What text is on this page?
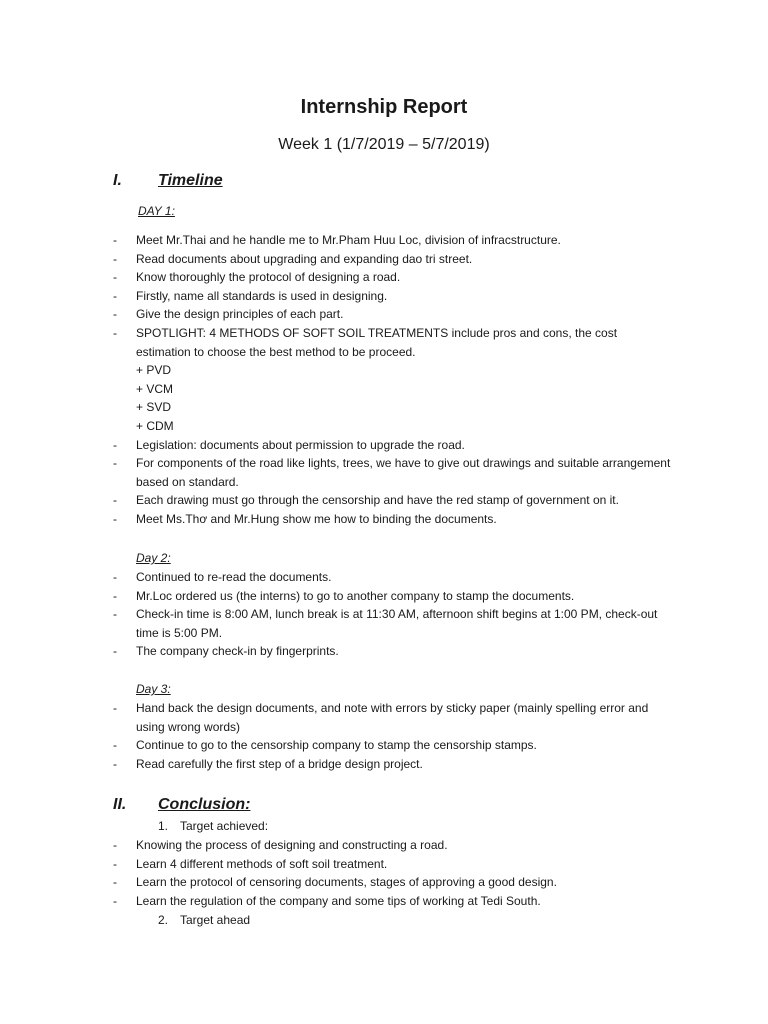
Internship Report
Week 1 (1/7/2019 – 5/7/2019)
I. Timeline
DAY 1:
- Meet Mr.Thai and he handle me to Mr.Pham Huu Loc, division of infracstructure.
- Read documents about upgrading and expanding dao tri street.
- Know thoroughly the protocol of designing a road.
- Firstly, name all standards is used in designing.
- Give the design principles of each part.
- SPOTLIGHT: 4 METHODS OF SOFT SOIL TREATMENTS include pros and cons, the cost estimation to choose the best method to be proceed.
+ PVD
+ VCM
+ SVD
+ CDM
- Legislation: documents about permission to upgrade the road.
- For components of the road like lights, trees, we have to give out drawings and suitable arrangement based on standard.
- Each drawing must go through the censorship and have the red stamp of government on it.
- Meet Ms.Thơ and Mr.Hung show me how to binding the documents.
Day 2:
- Continued to re-read the documents.
- Mr.Loc ordered us (the interns) to go to another company to stamp the documents.
- Check-in time is 8:00 AM, lunch break is at 11:30 AM, afternoon shift begins at 1:00 PM, check-out time is 5:00 PM.
- The company check-in by fingerprints.
Day 3:
- Hand back the design documents, and note with errors by sticky paper (mainly spelling error and using wrong words)
- Continue to go to the censorship company to stamp the censorship stamps.
- Read carefully the first step of a bridge design project.
II. Conclusion:
1. Target achieved:
- Knowing the process of designing and constructing a road.
- Learn 4 different methods of soft soil treatment.
- Learn the protocol of censoring documents, stages of approving a good design.
- Learn the regulation of the company and some tips of working at Tedi South.
2. Target ahead
